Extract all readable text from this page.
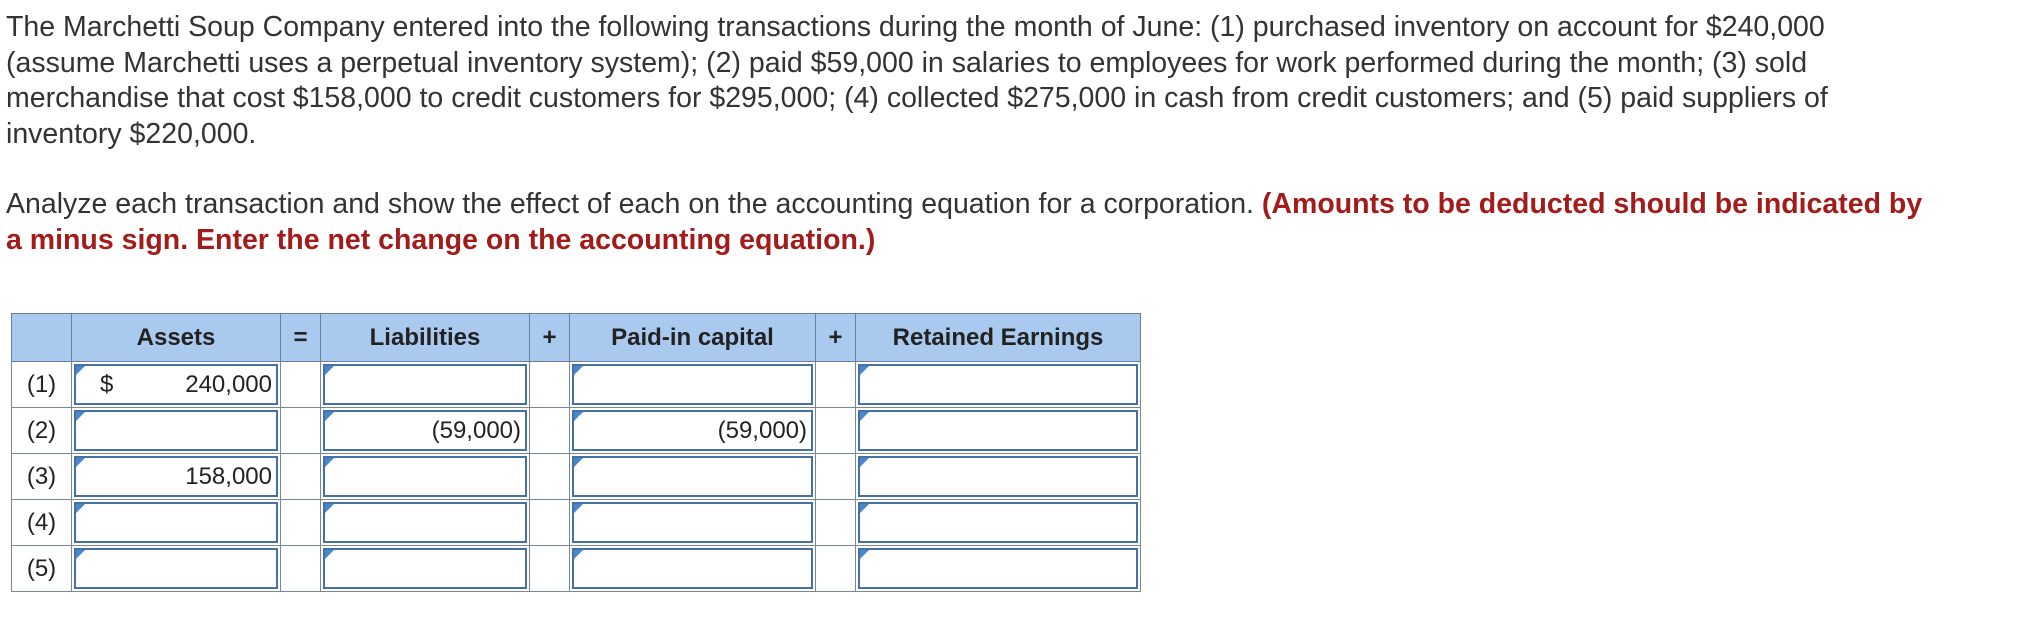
The Marchetti Soup Company entered into the following transactions during the month of June: (1) purchased inventory on account for $240,000 (assume Marchetti uses a perpetual inventory system); (2) paid $59,000 in salaries to employees for work performed during the month; (3) sold merchandise that cost $158,000 to credit customers for $295,000; (4) collected $275,000 in cash from credit customers; and (5) paid suppliers of inventory $220,000.

Analyze each transaction and show the effect of each on the accounting equation for a corporation. (Amounts to be deducted should be indicated by a minus sign. Enter the net change on the accounting equation.)

	Assets	=	Liabilities	+	Paid-in capital	+	Retained Earnings
(1)	$ 240,000						

(2)			(59,000)		(59,000)		

(3)	158,000						

(4)	

(5)	
